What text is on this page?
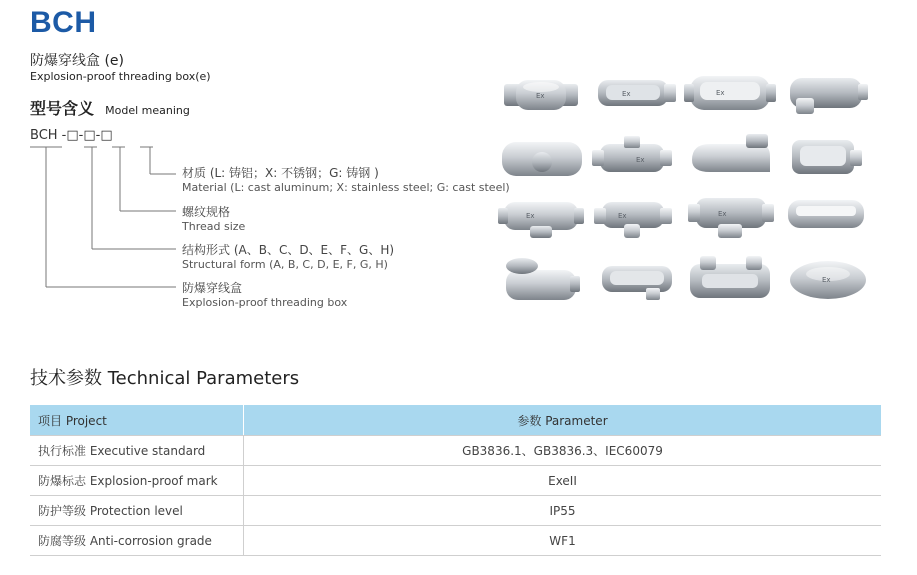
BCH
防爆穿线盒 (e)
Explosion-proof threading box(e)
型号含义 Model meaning
BCH -□-□-□
材质 (L: 铸铝；X: 不锈钢；G: 铸钢 )
Material (L: cast aluminum; X: stainless steel; G: cast steel)
螺纹规格
Thread size
结构形式 (A、B、C、D、E、F、G、H)
Structural form (A, B, C, D, E, F, G, H)
防爆穿线盒
Explosion-proof threading box
Ex	Ex	Ex
Ex
Ex	Ex	Ex
Ex
技术参数 Technical Parameters
项目 Project	参数 Parameter
执行标准 Executive standard	GB3836.1、GB3836.3、IEC60079
防爆标志 Explosion-proof mark	ExeII
防护等级 Protection level	IP55
防腐等级 Anti-corrosion grade	WF1
